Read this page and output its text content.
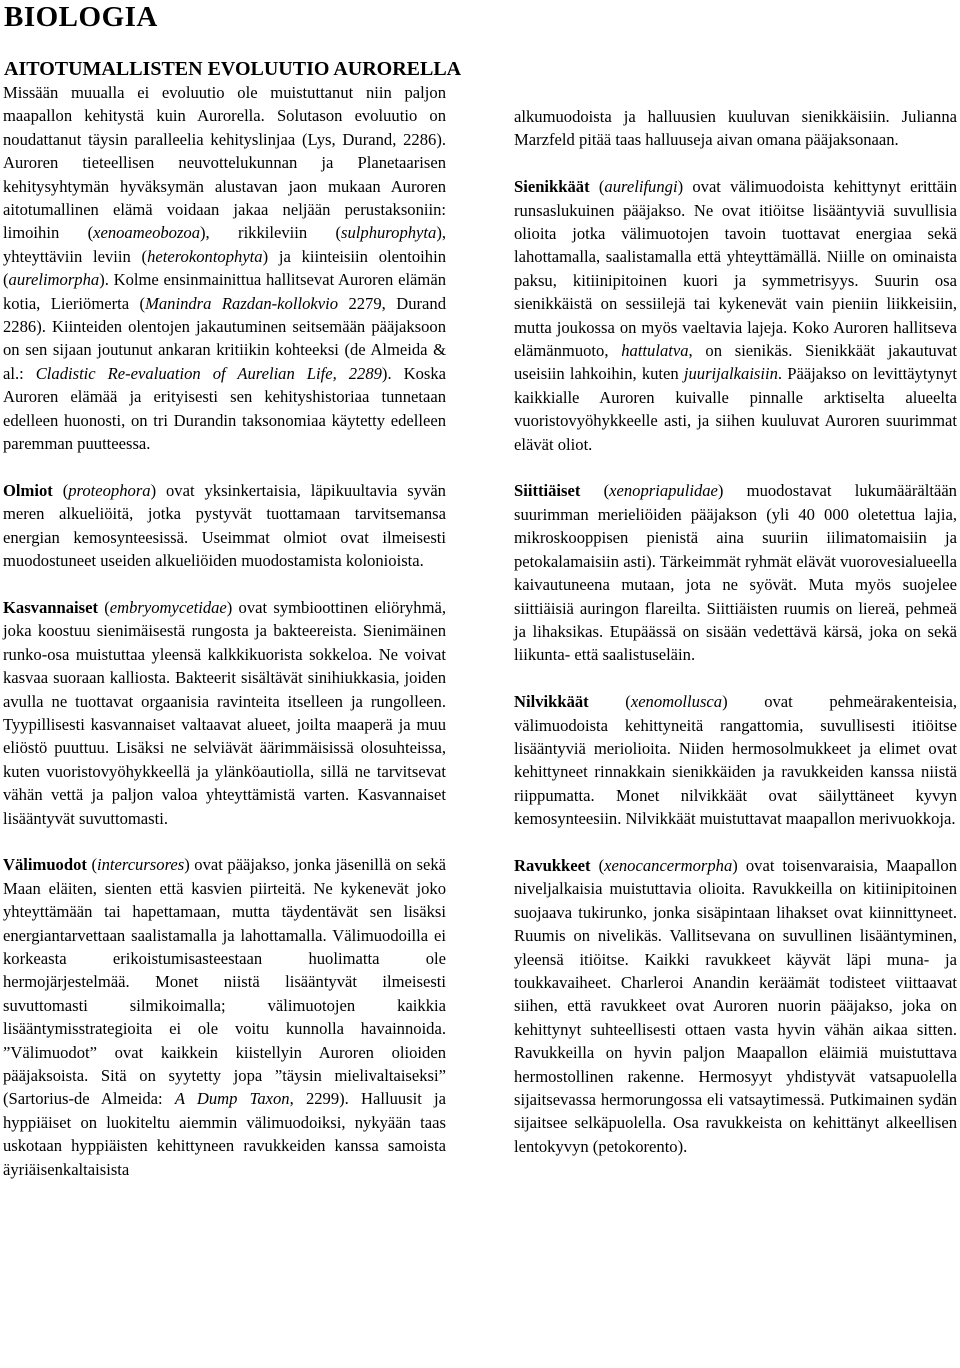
BIOLOGIA
AITOTUMALLISTEN EVOLUUTIO AURORELLA

Missään muualla ei evoluutio ole muistuttanut niin paljon maapallon kehitystä kuin Aurorella. Solutason evoluutio on noudattanut täysin paralleelia kehityslinjaa (Lys, Durand, 2286). Auroren tieteellisen neuvottelukunnan ja Planetaarisen kehitysyhtymän hyväksymän alustavan jaon mukaan Auroren aitotumallinen elämä voidaan jakaa neljään perustaksoniin: limoihin (xenoameobozoa), rikkileviin (sulphurophyta), yhteyttäviin leviin (heterokontophyta) ja kiinteisiin olentoihin (aurelimorpha). Kolme ensinmainittua hallitsevat Auroren elämän kotia, Lieriömerta (Manindra Razdan-kollokvio 2279, Durand 2286). Kiinteiden olentojen jakautuminen seitsemään pääjaksoon on sen sijaan joutunut ankaran kritiikin kohteeksi (de Almeida & al.: Cladistic Re-evaluation of Aurelian Life, 2289). Koska Auroren elämää ja erityisesti sen kehityshistoriaa tunnetaan edelleen huonosti, on tri Durandin taksonomiaa käytetty edelleen paremman puutteessa.

Olmiot (proteophora) ovat yksinkertaisia, läpikuultavia syvän meren alkueliöitä, jotka pystyvät tuottamaan tarvitsemansa energian kemosynteesissä. Useimmat olmiot ovat ilmeisesti muodostuneet useiden alkueliöiden muodostamista kolonioista.

Kasvannaiset (embryomycetidae) ovat symbioottinen eliöryhmä, joka koostuu sienimäisestä rungosta ja bakteereista. Sienimäinen runko-osa muistuttaa yleensä kalkkikuorista sokkeloa. Ne voivat kasvaa suoraan kalliosta. Bakteerit sisältävät sinihiukkasia, joiden avulla ne tuottavat orgaanisia ravinteita itselleen ja rungolleen. Tyypillisesti kasvannaiset valtaavat alueet, joilta maaperä ja muu eliöstö puuttuu. Lisäksi ne selviävät äärimmäisissä olosuhteissa, kuten vuoristovyöhykkeellä ja ylänköautiolla, sillä ne tarvitsevat vähän vettä ja paljon valoa yhteyttämistä varten. Kasvannaiset lisääntyvät suvuttomasti.

Välimuodot (intercursores) ovat pääjakso, jonka jäsenillä on sekä Maan eläiten, sienten että kasvien piirteitä. Ne kykenevät joko yhteyttämään tai hapettamaan, mutta täydentävät sen lisäksi energiantarvettaan saalistamalla ja lahottamalla. Välimuodoilla ei korkeasta erikoistumisasteestaan huolimatta ole hermojärjestelmää. Monet niistä lisääntyvät ilmeisesti suvuttomasti silmikoimalla; välimuotojen kaikkia lisääntymisstrategioita ei ole voitu kunnolla havainnoida. ”Välimuodot” ovat kaikkein kiistellyin Auroren olioiden pääjaksoista. Sitä on syytetty jopa ”täysin mielivaltaiseksi” (Sartorius-de Almeida: A Dump Taxon, 2299). Halluusit ja hyppiäiset on luokiteltu aiemmin välimuodoiksi, nykyään taas uskotaan hyppiäisten kehittyneen ravukkeiden kanssa samoista äyriäisenkaltaisista

alkumuodoista ja halluusien kuuluvan sienikkäisiin. Julianna Marzfeld pitää taas halluuseja aivan omana pääjaksonaan.

Sienikkäät (aurelifungi) ovat välimuodoista kehittynyt erittäin runsaslukuinen pääjakso. Ne ovat itiöitse lisääntyviä suvullisia olioita jotka välimuotojen tavoin tuottavat energiaa sekä lahottamalla, saalistamalla että yhteyttämällä. Niille on ominaista paksu, kitiinipitoinen kuori ja symmetrisyys. Suurin osa sienikkäistä on sessiilejä tai kykenevät vain pieniin liikkeisiin, mutta joukossa on myös vaeltavia lajeja. Koko Auroren hallitseva elämänmuoto, hattulatva, on sienikäs. Sienikkäät jakautuvat useisiin lahkoihin, kuten juurijalkaisiin. Pääjakso on levittäytynyt kaikkialle Auroren kuivalle pinnalle arktiselta alueelta vuoristovyöhykkeelle asti, ja siihen kuuluvat Auroren suurimmat elävät oliot.

Siittiäiset (xenopriapulidae) muodostavat lukumäärältään suurimman merieliöiden pääjakson (yli 40 000 oletettua lajia, mikroskooppisen pienistä aina suuriin iilimatomaisiin ja petokalamaisiin asti). Tärkeimmät ryhmät elävät vuorovesialueella kaivautuneena mutaan, jota ne syövät. Muta myös suojelee siittiäisiä auringon flareilta. Siittiäisten ruumis on liereä, pehmeä ja lihaksikas. Etupäässä on sisään vedettävä kärsä, joka on sekä liikunta- että saalistuseläin.

Nilvikkäät (xenomollusca) ovat pehmeärakenteisia, välimuodoista kehittyneitä rangattomia, suvullisesti itiöitse lisääntyviä meriolioita. Niiden hermosolmukkeet ja elimet ovat kehittyneet rinnakkain sienikkäiden ja ravukkeiden kanssa niistä riippumatta. Monet nilvikkäät ovat säilyttäneet kyvyn kemosynteesiin. Nilvikkäät muistuttavat maapallon merivuokkoja.

Ravukkeet (xenocancermorpha) ovat toisenvaraisia, Maapallon niveljalkaisia muistuttavia olioita. Ravukkeilla on kitiinipitoinen suojaava tukirunko, jonka sisäpintaan lihakset ovat kiinnittyneet. Ruumis on nivelikäs. Vallitsevana on suvullinen lisääntyminen, yleensä itiöitse. Kaikki ravukkeet käyvät läpi muna- ja toukkavaiheet. Charleroi Anandin keräämät todisteet viittaavat siihen, että ravukkeet ovat Auroren nuorin pääjakso, joka on kehittynyt suhteellisesti ottaen vasta hyvin vähän aikaa sitten. Ravukkeilla on hyvin paljon Maapallon eläimiä muistuttava hermostollinen rakenne. Hermosyyt yhdistyvät vatsapuolella sijaitsevassa hermorungossa eli vatsaytimessä. Putkimainen sydän sijaitsee selkäpuolella. Osa ravukkeista on kehittänyt alkeellisen lentokyvyn (petokorento).
